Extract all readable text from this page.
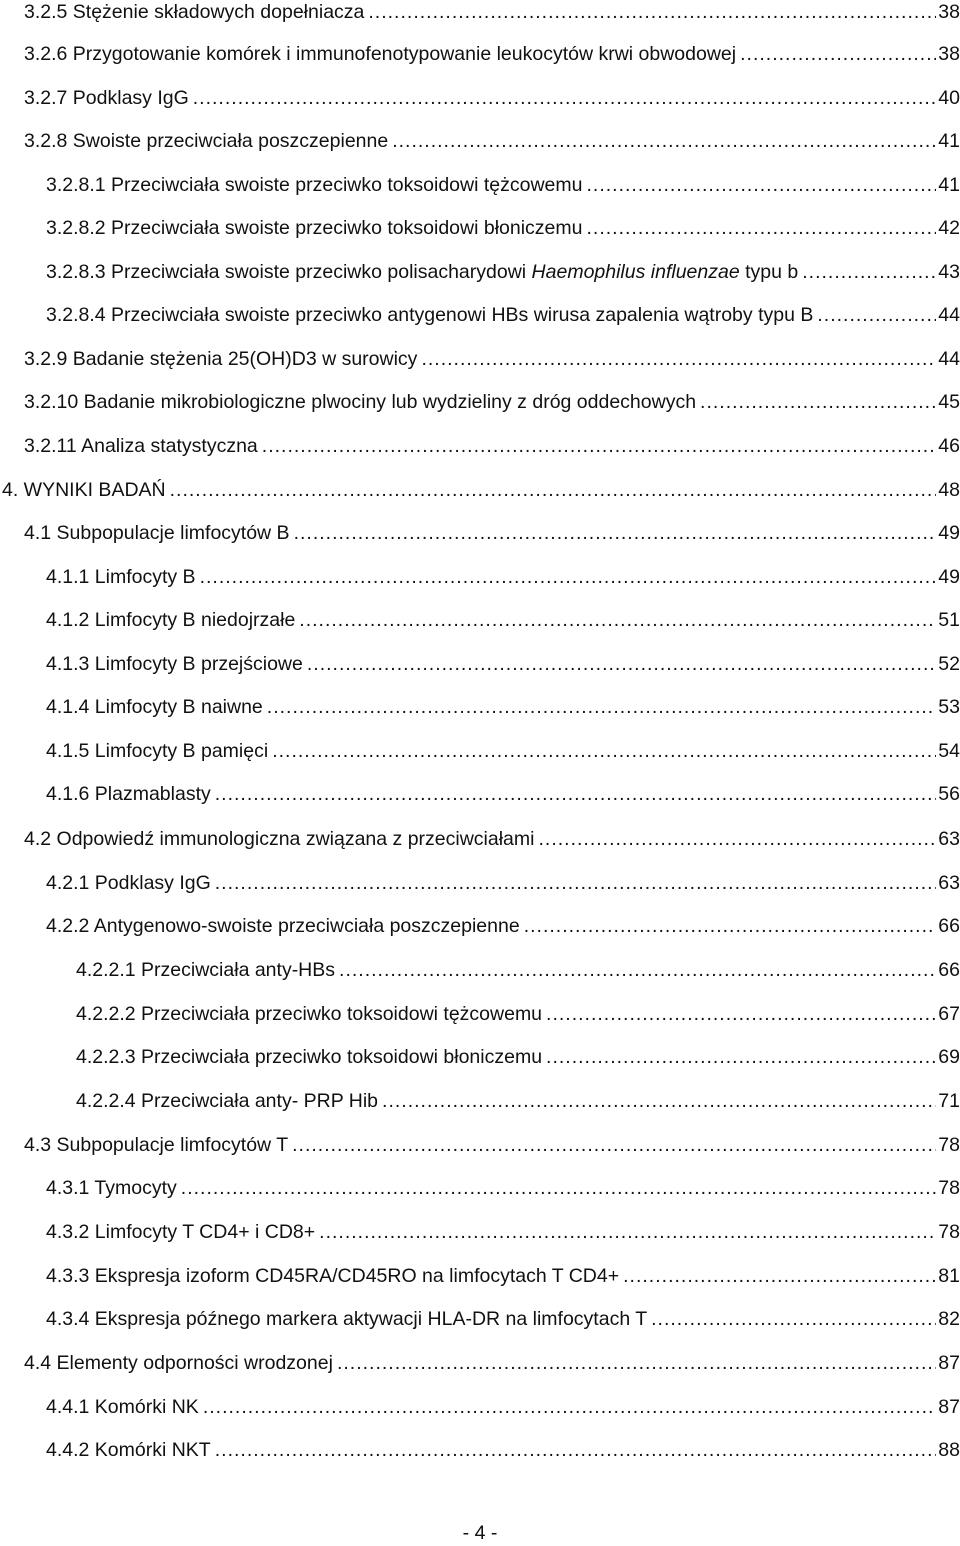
3.2.5 Stężenie składowych dopełniacza .....	38
3.2.6 Przygotowanie komórek i immunofenotypowanie leukocytów krwi obwodowej .....	38
3.2.7 Podklasy IgG .....	40
3.2.8 Swoiste przeciwciała poszczepienne .....	41
3.2.8.1 Przeciwciała swoiste przeciwko toksoidowi tężcowemu .....	41
3.2.8.2 Przeciwciała swoiste przeciwko toksoidowi błoniczemu .....	42
3.2.8.3 Przeciwciała swoiste przeciwko polisacharydowi Haemophilus influenzae typu b .....	43
3.2.8.4 Przeciwciała swoiste przeciwko antygenowi HBs wirusa zapalenia wątroby typu B .....	44
3.2.9 Badanie stężenia 25(OH)D3 w surowicy .....	44
3.2.10 Badanie mikrobiologiczne plwociny lub wydzieliny z dróg oddechowych .....	45
3.2.11 Analiza statystyczna .....	46
4. WYNIKI BADAŃ .....	48
4.1 Subpopulacje limfocytów B .....	49
4.1.1 Limfocyty B .....	49
4.1.2 Limfocyty B niedojrzałe .....	51
4.1.3 Limfocyty B przejściowe .....	52
4.1.4 Limfocyty B naiwne .....	53
4.1.5 Limfocyty B pamięci .....	54
4.1.6 Plazmablasty .....	56
4.2 Odpowiedź immunologiczna związana z przeciwciałami .....	63
4.2.1 Podklasy IgG .....	63
4.2.2 Antygenowo-swoiste przeciwciała poszczepienne .....	66
4.2.2.1 Przeciwciała anty-HBs .....	66
4.2.2.2 Przeciwciała przeciwko toksoidowi tężcowemu .....	67
4.2.2.3 Przeciwciała przeciwko toksoidowi błoniczemu .....	69
4.2.2.4 Przeciwciała anty- PRP Hib .....	71
4.3 Subpopulacje limfocytów T .....	78
4.3.1 Tymocyty .....	78
4.3.2 Limfocyty T CD4+ i CD8+ .....	78
4.3.3 Ekspresja izoform CD45RA/CD45RO na limfocytach T CD4+ .....	81
4.3.4 Ekspresja późnego markera aktywacji HLA-DR na limfocytach T .....	82
4.4 Elementy odporności wrodzonej .....	87
4.4.1 Komórki NK .....	87
4.4.2 Komórki NKT .....	88
- 4 -
